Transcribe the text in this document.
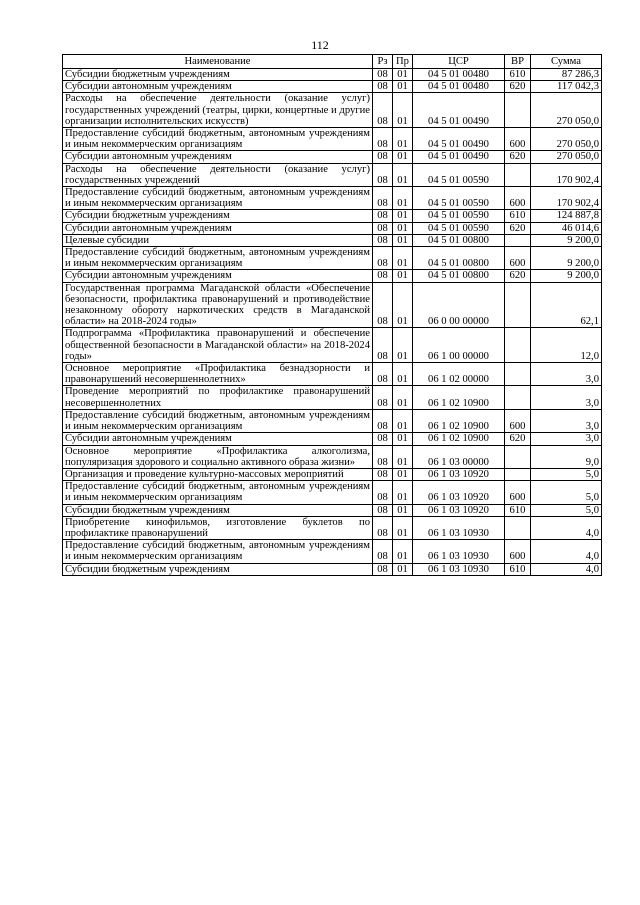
112
Наименование	Рз	Пр	ЦСР	ВР	Сумма
Субсидии бюджетным учреждениям	08	01	04 5 01 00480	610	87 286,3
Субсидии автономным учреждениям	08	01	04 5 01 00480	620	117 042,3
Расходы на обеспечение деятельности (оказание услуг) государственных учреждений (театры, цирки, концертные и другие организации исполнительских искусств)	08	01	04 5 01 00490		270 050,0
Предоставление субсидий бюджетным, автономным учреждениям и иным некоммерческим организациям	08	01	04 5 01 00490	600	270 050,0
Субсидии автономным учреждениям	08	01	04 5 01 00490	620	270 050,0
Расходы на обеспечение деятельности (оказание услуг) государственных учреждений	08	01	04 5 01 00590		170 902,4
Предоставление субсидий бюджетным, автономным учреждениям и иным некоммерческим организациям	08	01	04 5 01 00590	600	170 902,4
Субсидии бюджетным учреждениям	08	01	04 5 01 00590	610	124 887,8
Субсидии автономным учреждениям	08	01	04 5 01 00590	620	46 014,6
Целевые субсидии	08	01	04 5 01 00800		9 200,0
Предоставление субсидий бюджетным, автономным учреждениям и иным некоммерческим организациям	08	01	04 5 01 00800	600	9 200,0
Субсидии автономным учреждениям	08	01	04 5 01 00800	620	9 200,0
Государственная программа Магаданской области «Обеспечение безопасности, профилактика правонарушений и противодействие незаконному обороту наркотических средств в Магаданской области» на 2018-2024 годы»	08	01	06 0 00 00000		62,1
Подпрограмма «Профилактика правонарушений и обеспечение общественной безопасности в Магаданской области» на 2018-2024 годы»	08	01	06 1 00 00000		12,0
Основное мероприятие «Профилактика безнадзорности и правонарушений несовершеннолетних»	08	01	06 1 02 00000		3,0
Проведение мероприятий по профилактике правонарушений несовершеннолетних	08	01	06 1 02 10900		3,0
Предоставление субсидий бюджетным, автономным учреждениям и иным некоммерческим организациям	08	01	06 1 02 10900	600	3,0
Субсидии автономным учреждениям	08	01	06 1 02 10900	620	3,0
Основное мероприятие «Профилактика алкоголизма, популяризация здорового и социально активного образа жизни»	08	01	06 1 03 00000		9,0
Организация и проведение культурно-массовых мероприятий	08	01	06 1 03 10920		5,0
Предоставление субсидий бюджетным, автономным учреждениям и иным некоммерческим организациям	08	01	06 1 03 10920	600	5,0
Субсидии бюджетным учреждениям	08	01	06 1 03 10920	610	5,0
Приобретение кинофильмов, изготовление буклетов по профилактике правонарушений	08	01	06 1 03 10930		4,0
Предоставление субсидий бюджетным, автономным учреждениям и иным некоммерческим организациям	08	01	06 1 03 10930	600	4,0
Субсидии бюджетным учреждениям	08	01	06 1 03 10930	610	4,0
